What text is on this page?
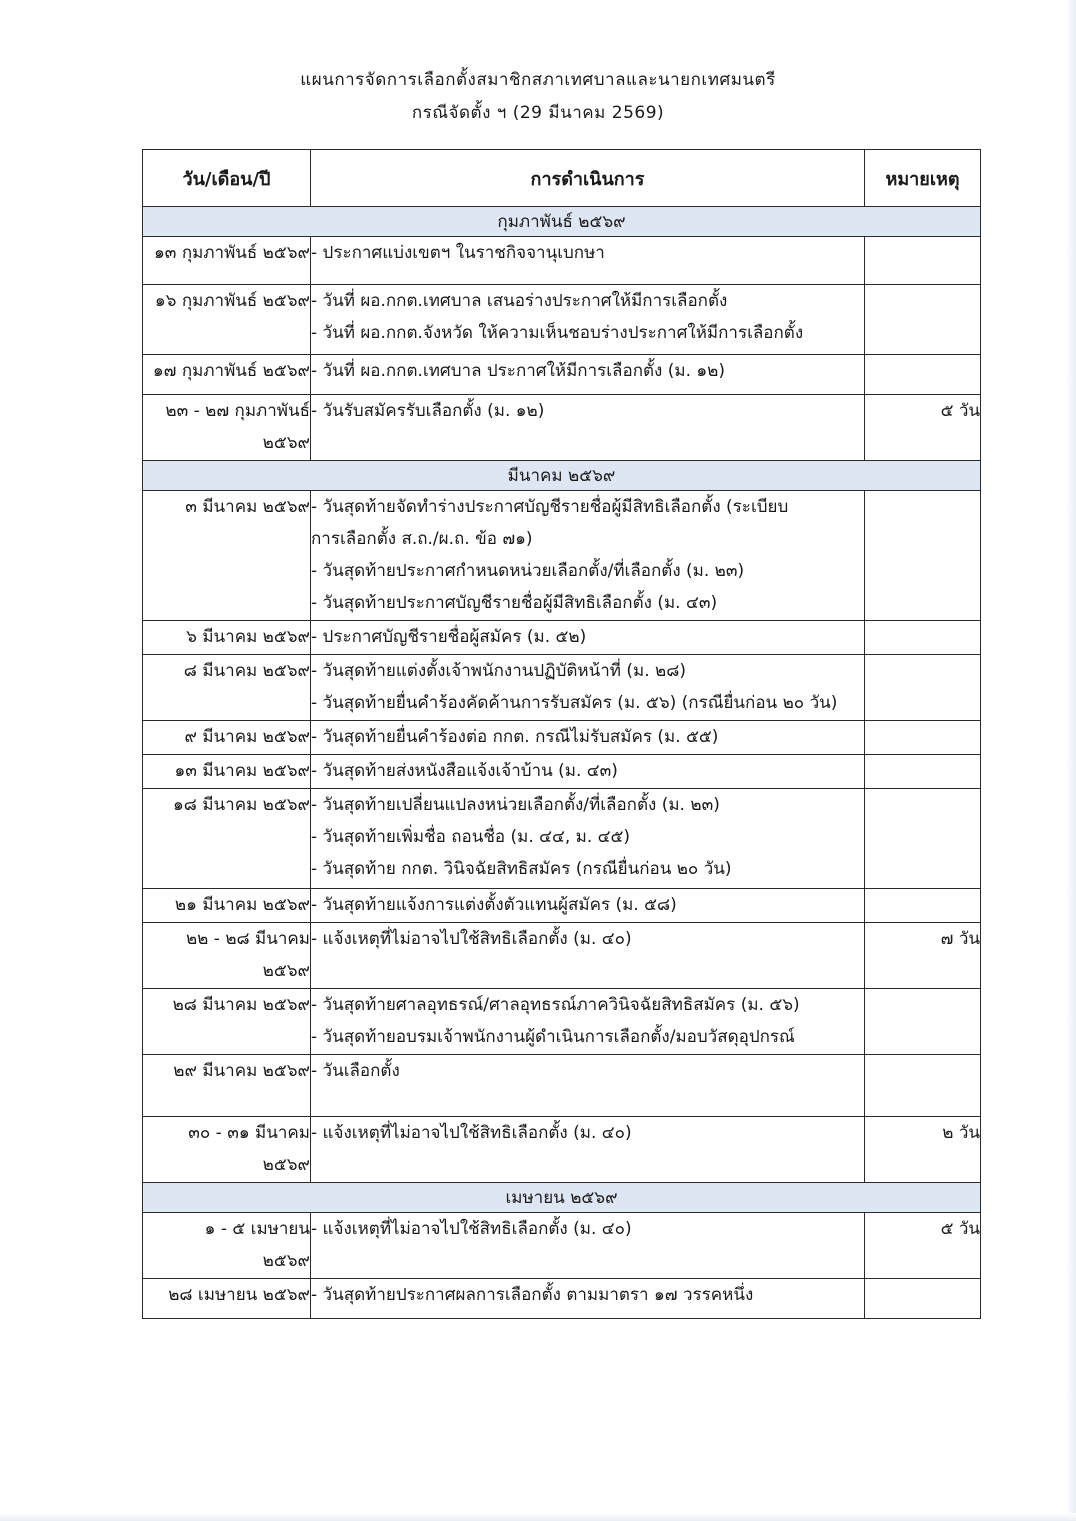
แผนการจัดการเลือกตั้งสมาชิกสภาเทศบาลและนายกเทศมนตรี
กรณีจัดตั้ง ฯ (29 มีนาคม 2569)
วัน/เดือน/ปี	การดำเนินการ	หมายเหตุ
กุมภาพันธ์ ๒๕๖๙		
๑๓ กุมภาพันธ์ ๒๕๖๙	- ประกาศแบ่งเขตฯ ในราชกิจจานุเบกษา	

๑๖ กุมภาพันธ์ ๒๕๖๙	- วันที่ ผอ.กกต.เทศบาล เสนอร่างประกาศให้มีการเลือกตั้ง
- วันที่ ผอ.กกต.จังหวัด ให้ความเห็นชอบร่างประกาศให้มีการเลือกตั้ง	

๑๗ กุมภาพันธ์ ๒๕๖๙	- วันที่ ผอ.กกต.เทศบาล ประกาศให้มีการเลือกตั้ง (ม. ๑๒)	

๒๓ - ๒๗ กุมภาพันธ์
๒๕๖๙	- วันรับสมัครรับเลือกตั้ง (ม. ๑๒)	๕ วัน
มีนาคม ๒๕๖๙		
๓ มีนาคม ๒๕๖๙	- วันสุดท้ายจัดทำร่างประกาศบัญชีรายชื่อผู้มีสิทธิเลือกตั้ง (ระเบียบ
การเลือกตั้ง ส.ถ./ผ.ถ. ข้อ ๗๑)
- วันสุดท้ายประกาศกำหนดหน่วยเลือกตั้ง/ที่เลือกตั้ง (ม. ๒๓)
- วันสุดท้ายประกาศบัญชีรายชื่อผู้มีสิทธิเลือกตั้ง (ม. ๔๓)	

๖ มีนาคม ๒๕๖๙	- ประกาศบัญชีรายชื่อผู้สมัคร (ม. ๕๒)	

๘ มีนาคม ๒๕๖๙	- วันสุดท้ายแต่งตั้งเจ้าพนักงานปฏิบัติหน้าที่ (ม. ๒๘)
- วันสุดท้ายยื่นคำร้องคัดค้านการรับสมัคร (ม. ๕๖) (กรณียื่นก่อน ๒๐ วัน)	

๙ มีนาคม ๒๕๖๙	- วันสุดท้ายยื่นคำร้องต่อ กกต. กรณีไม่รับสมัคร (ม. ๕๕)	

๑๓ มีนาคม ๒๕๖๙	- วันสุดท้ายส่งหนังสือแจ้งเจ้าบ้าน (ม. ๔๓)	

๑๘ มีนาคม ๒๕๖๙	- วันสุดท้ายเปลี่ยนแปลงหน่วยเลือกตั้ง/ที่เลือกตั้ง (ม. ๒๓)
- วันสุดท้ายเพิ่มชื่อ ถอนชื่อ (ม. ๔๔, ม. ๔๕)
- วันสุดท้าย กกต. วินิจฉัยสิทธิสมัคร (กรณียื่นก่อน ๒๐ วัน)	

๒๑ มีนาคม ๒๕๖๙	- วันสุดท้ายแจ้งการแต่งตั้งตัวแทนผู้สมัคร (ม. ๕๘)	

๒๒ - ๒๘ มีนาคม
๒๕๖๙	- แจ้งเหตุที่ไม่อาจไปใช้สิทธิเลือกตั้ง (ม. ๔๐)	๗ วัน
๒๘ มีนาคม ๒๕๖๙	- วันสุดท้ายศาลอุทธรณ์/ศาลอุทธรณ์ภาควินิจฉัยสิทธิสมัคร (ม. ๕๖)
- วันสุดท้ายอบรมเจ้าพนักงานผู้ดำเนินการเลือกตั้ง/มอบวัสดุอุปกรณ์	

๒๙ มีนาคม ๒๕๖๙	- วันเลือกตั้ง	

๓๐ - ๓๑ มีนาคม
๒๕๖๙	- แจ้งเหตุที่ไม่อาจไปใช้สิทธิเลือกตั้ง (ม. ๔๐)	๒ วัน
เมษายน ๒๕๖๙		
๑ - ๕ เมษายน
๒๕๖๙	- แจ้งเหตุที่ไม่อาจไปใช้สิทธิเลือกตั้ง (ม. ๔๐)	๕ วัน
๒๘ เมษายน ๒๕๖๙	- วันสุดท้ายประกาศผลการเลือกตั้ง ตามมาตรา ๑๗ วรรคหนึ่ง	
